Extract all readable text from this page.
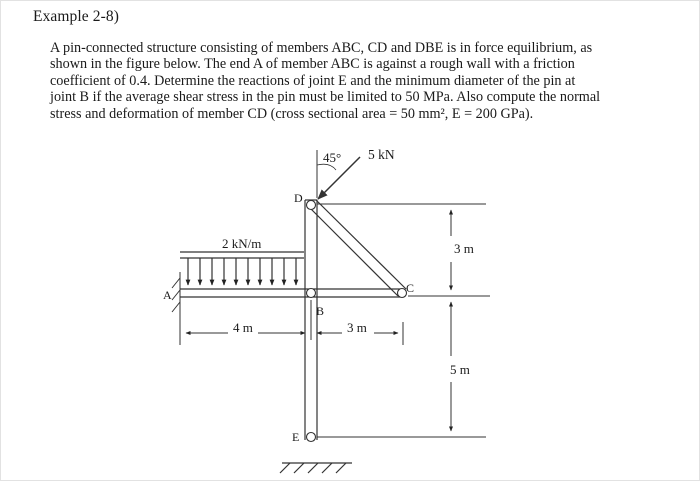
Example 2-8)
A pin-connected structure consisting of members ABC, CD and DBE is in force equilibrium, as
shown in the figure below. The end A of member ABC is against a rough wall with a friction
coefficient of 0.4. Determine the reactions of joint E and the minimum diameter of the pin at
joint B if the average shear stress in the pin must be limited to 50 MPa. Also compute the normal
stress and deformation of member CD (cross sectional area = 50 mm², E = 200 GPa).
45° 5 kN
2 kN/m
A
B
C
D
E
4 m	3 m
3 m
5 m
